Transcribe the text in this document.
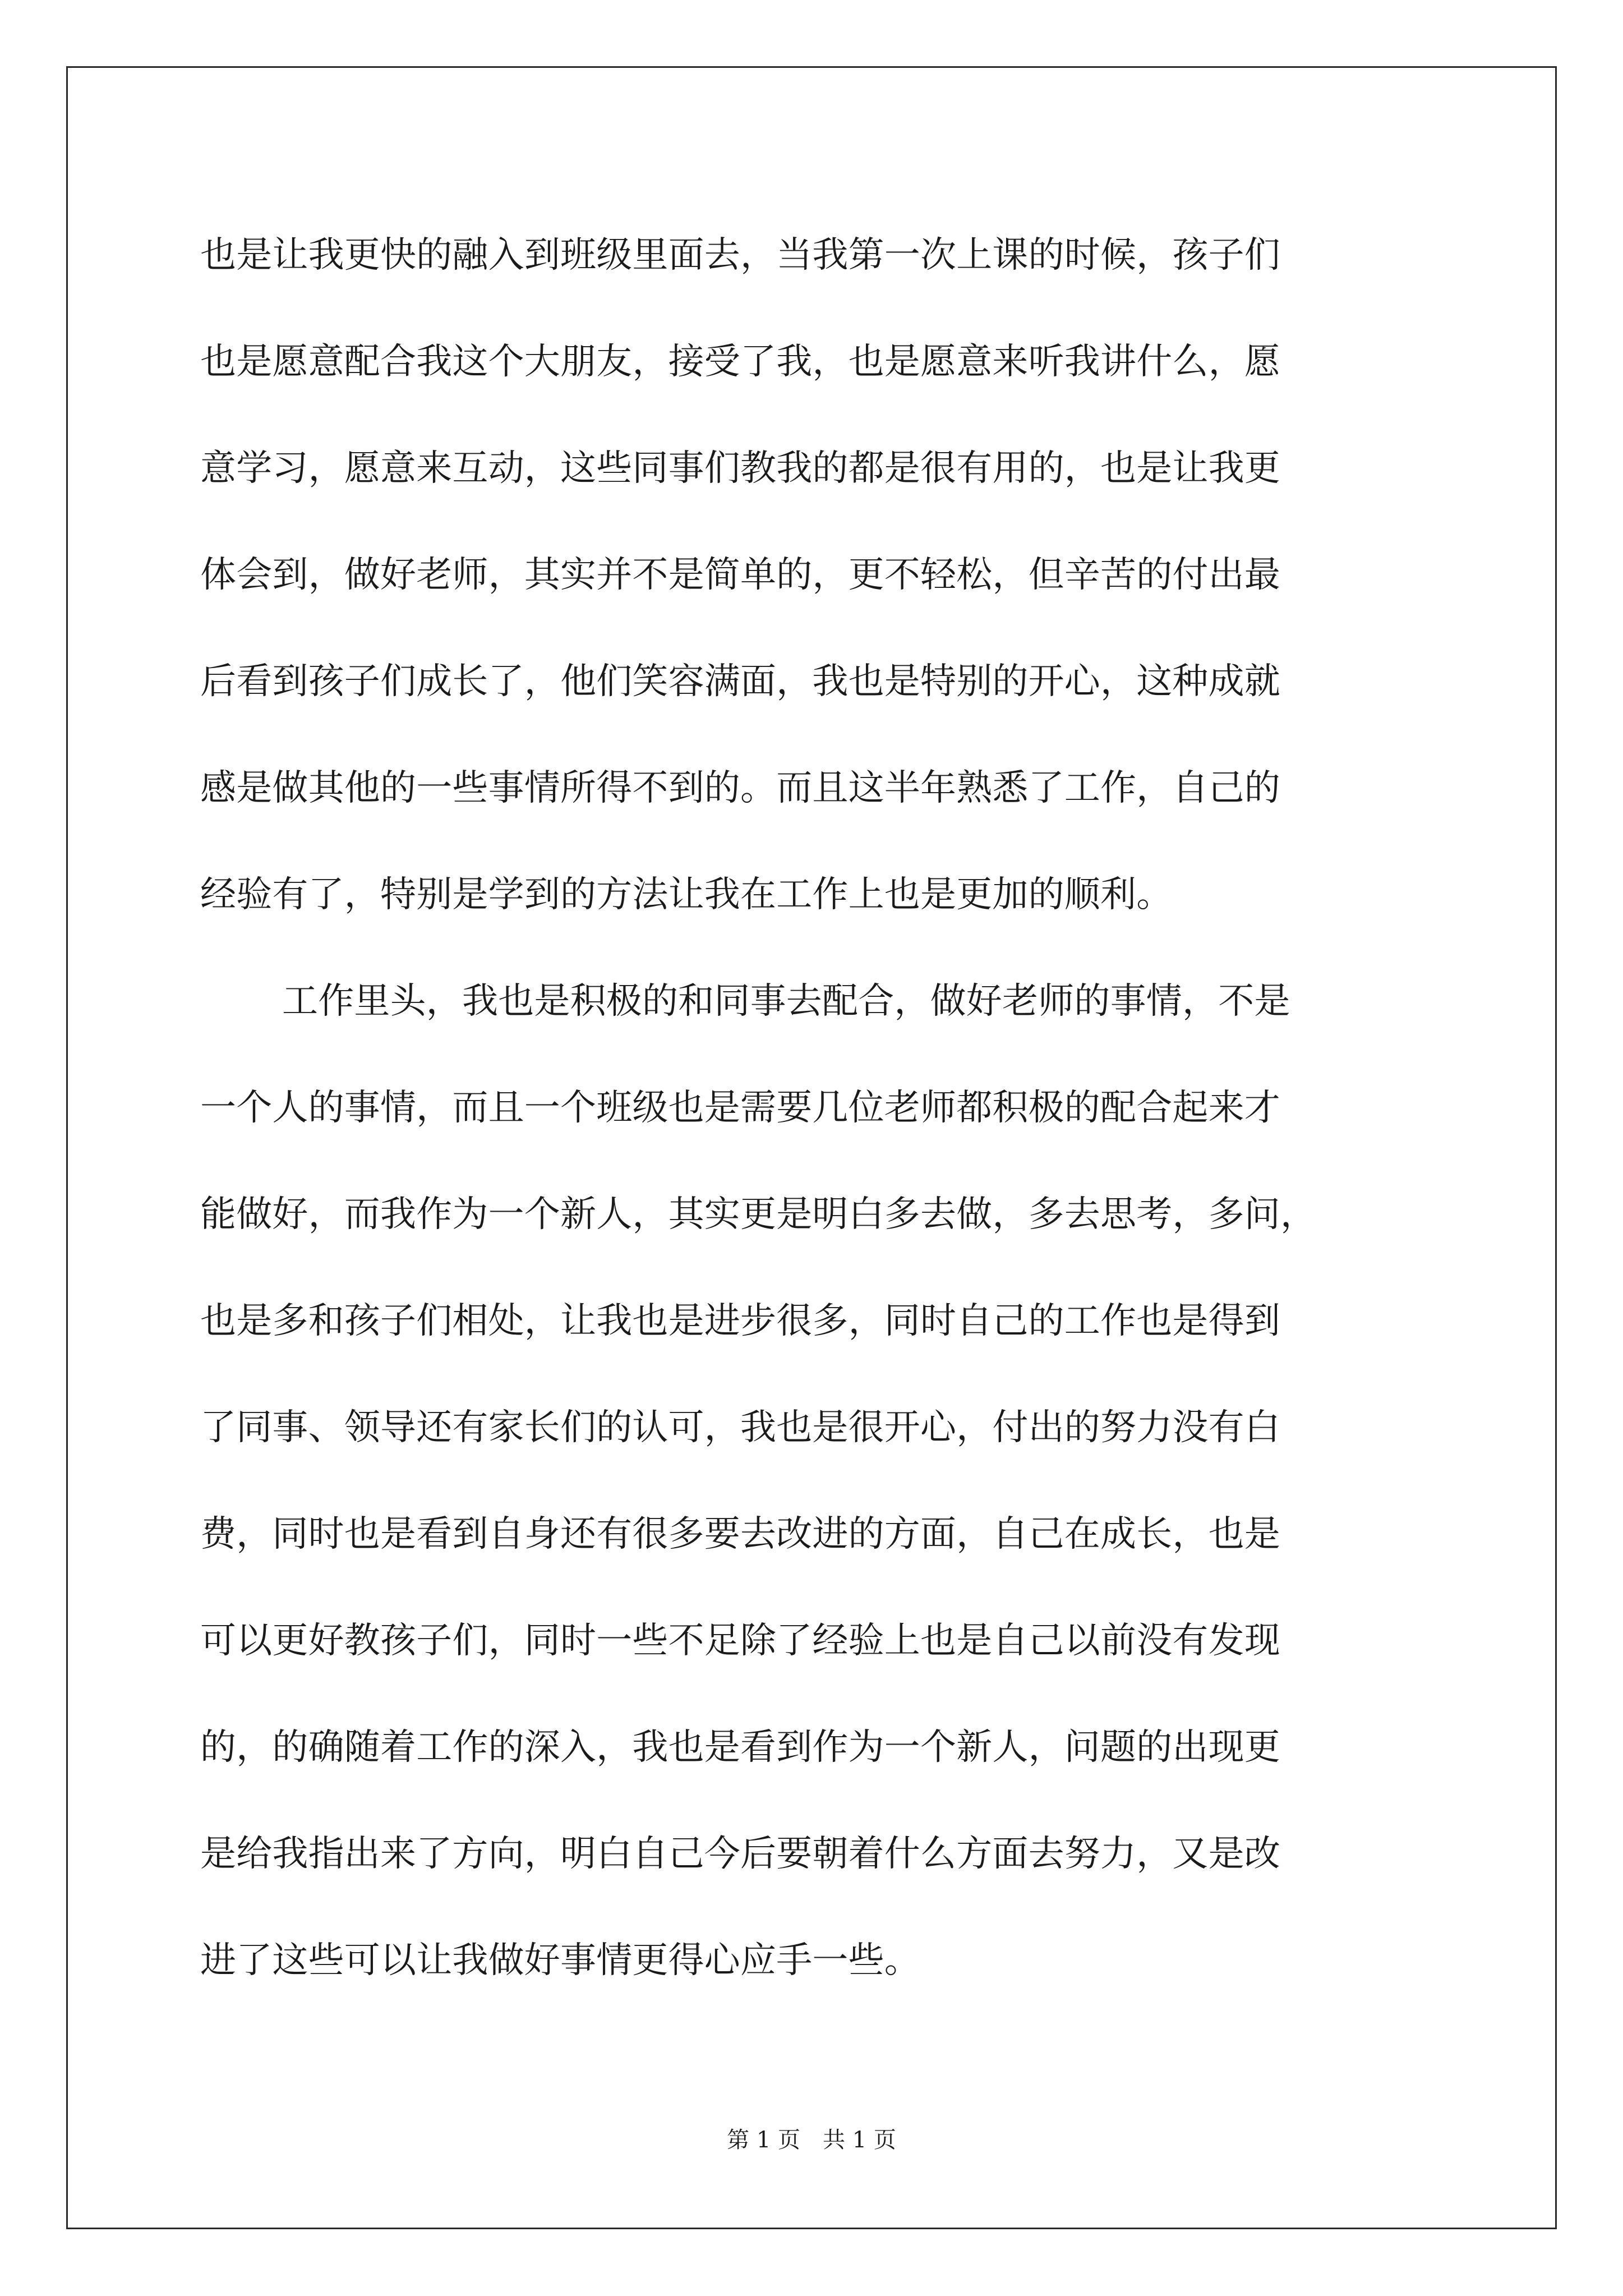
也是让我更快的融入到班级里面去，当我第一次上课的时候，孩子们
也是愿意配合我这个大朋友，接受了我，也是愿意来听我讲什么，愿
意学习，愿意来互动，这些同事们教我的都是很有用的，也是让我更
体会到，做好老师，其实并不是简单的，更不轻松，但辛苦的付出最
后看到孩子们成长了，他们笑容满面，我也是特别的开心，这种成就
感是做其他的一些事情所得不到的。而且这半年熟悉了工作，自己的
经验有了，特别是学到的方法让我在工作上也是更加的顺利。
工作里头，我也是积极的和同事去配合，做好老师的事情，不是
一个人的事情，而且一个班级也是需要几位老师都积极的配合起来才
能做好，而我作为一个新人，其实更是明白多去做，多去思考，多问，
也是多和孩子们相处，让我也是进步很多，同时自己的工作也是得到
了同事、领导还有家长们的认可，我也是很开心，付出的努力没有白
费，同时也是看到自身还有很多要去改进的方面，自己在成长，也是
可以更好教孩子们，同时一些不足除了经验上也是自己以前没有发现
的，的确随着工作的深入，我也是看到作为一个新人，问题的出现更
是给我指出来了方向，明白自己今后要朝着什么方面去努力，又是改
进了这些可以让我做好事情更得心应手一些。
第 1 页 共 1 页
